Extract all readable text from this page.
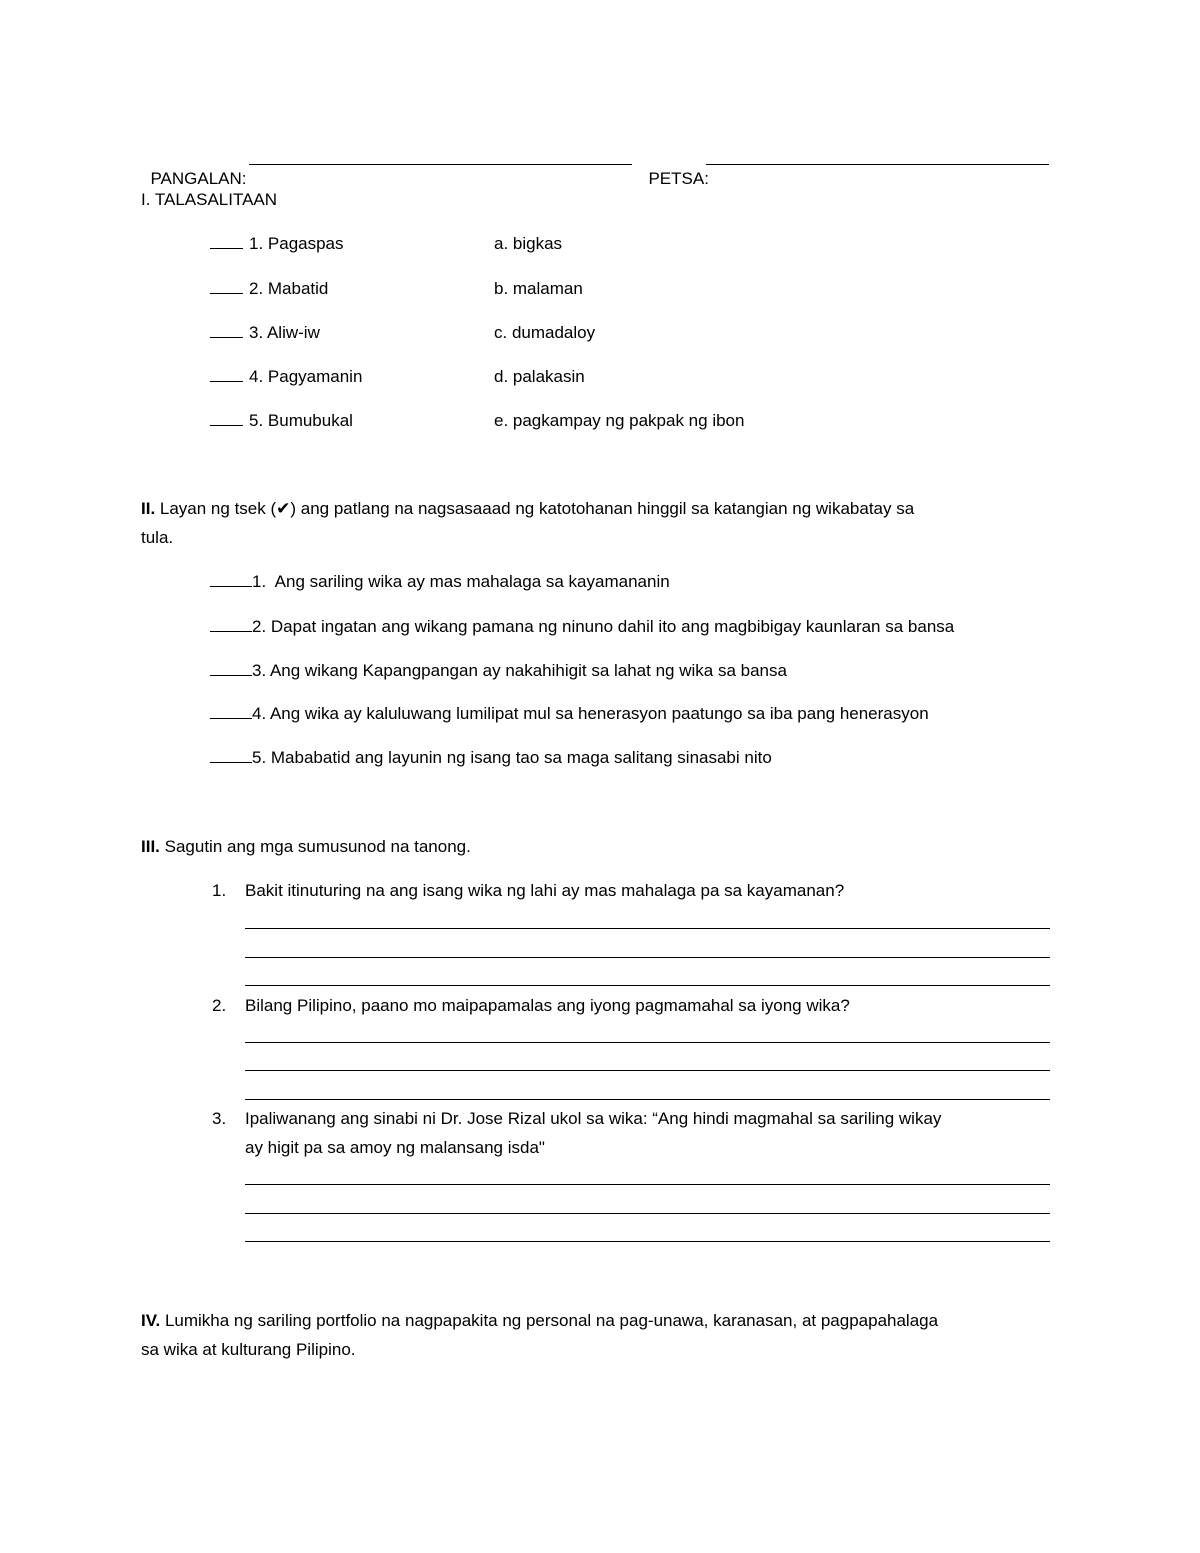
PANGALAN:	PETSA:

I. TALASALITAAN
1. Pagaspas	a. bigkas
2. Mabatid	b. malaman
3. Aliw-iw	c. dumadaloy
4. Pagyamanin	d. palakasin
5. Bumubukal	e. pagkampay ng pakpak ng ibon
II. Layan ng tsek (✔) ang patlang na nagsasaaad ng katotohanan hinggil sa katangian ng wikabatay sa
tula.
1.  Ang sariling wika ay mas mahalaga sa kayamananin
2. Dapat ingatan ang wikang pamana ng ninuno dahil ito ang magbibigay kaunlaran sa bansa
3. Ang wikang Kapangpangan ay nakahihigit sa lahat ng wika sa bansa
4. Ang wika ay kaluluwang lumilipat mul sa henerasyon paatungo sa iba pang henerasyon
5. Mababatid ang layunin ng isang tao sa maga salitang sinasabi nito
III. Sagutin ang mga sumusunod na tanong.
1. Bakit itinuturing na ang isang wika ng lahi ay mas mahalaga pa sa kayamanan?
2. Bilang Pilipino, paano mo maipapamalas ang iyong pagmamahal sa iyong wika?
3. Ipaliwanang ang sinabi ni Dr. Jose Rizal ukol sa wika: “Ang hindi magmahal sa sariling wikay
ay higit pa sa amoy ng malansang isda"
IV. Lumikha ng sariling portfolio na nagpapakita ng personal na pag-unawa, karanasan, at pagpapahalaga
sa wika at kulturang Pilipino.
